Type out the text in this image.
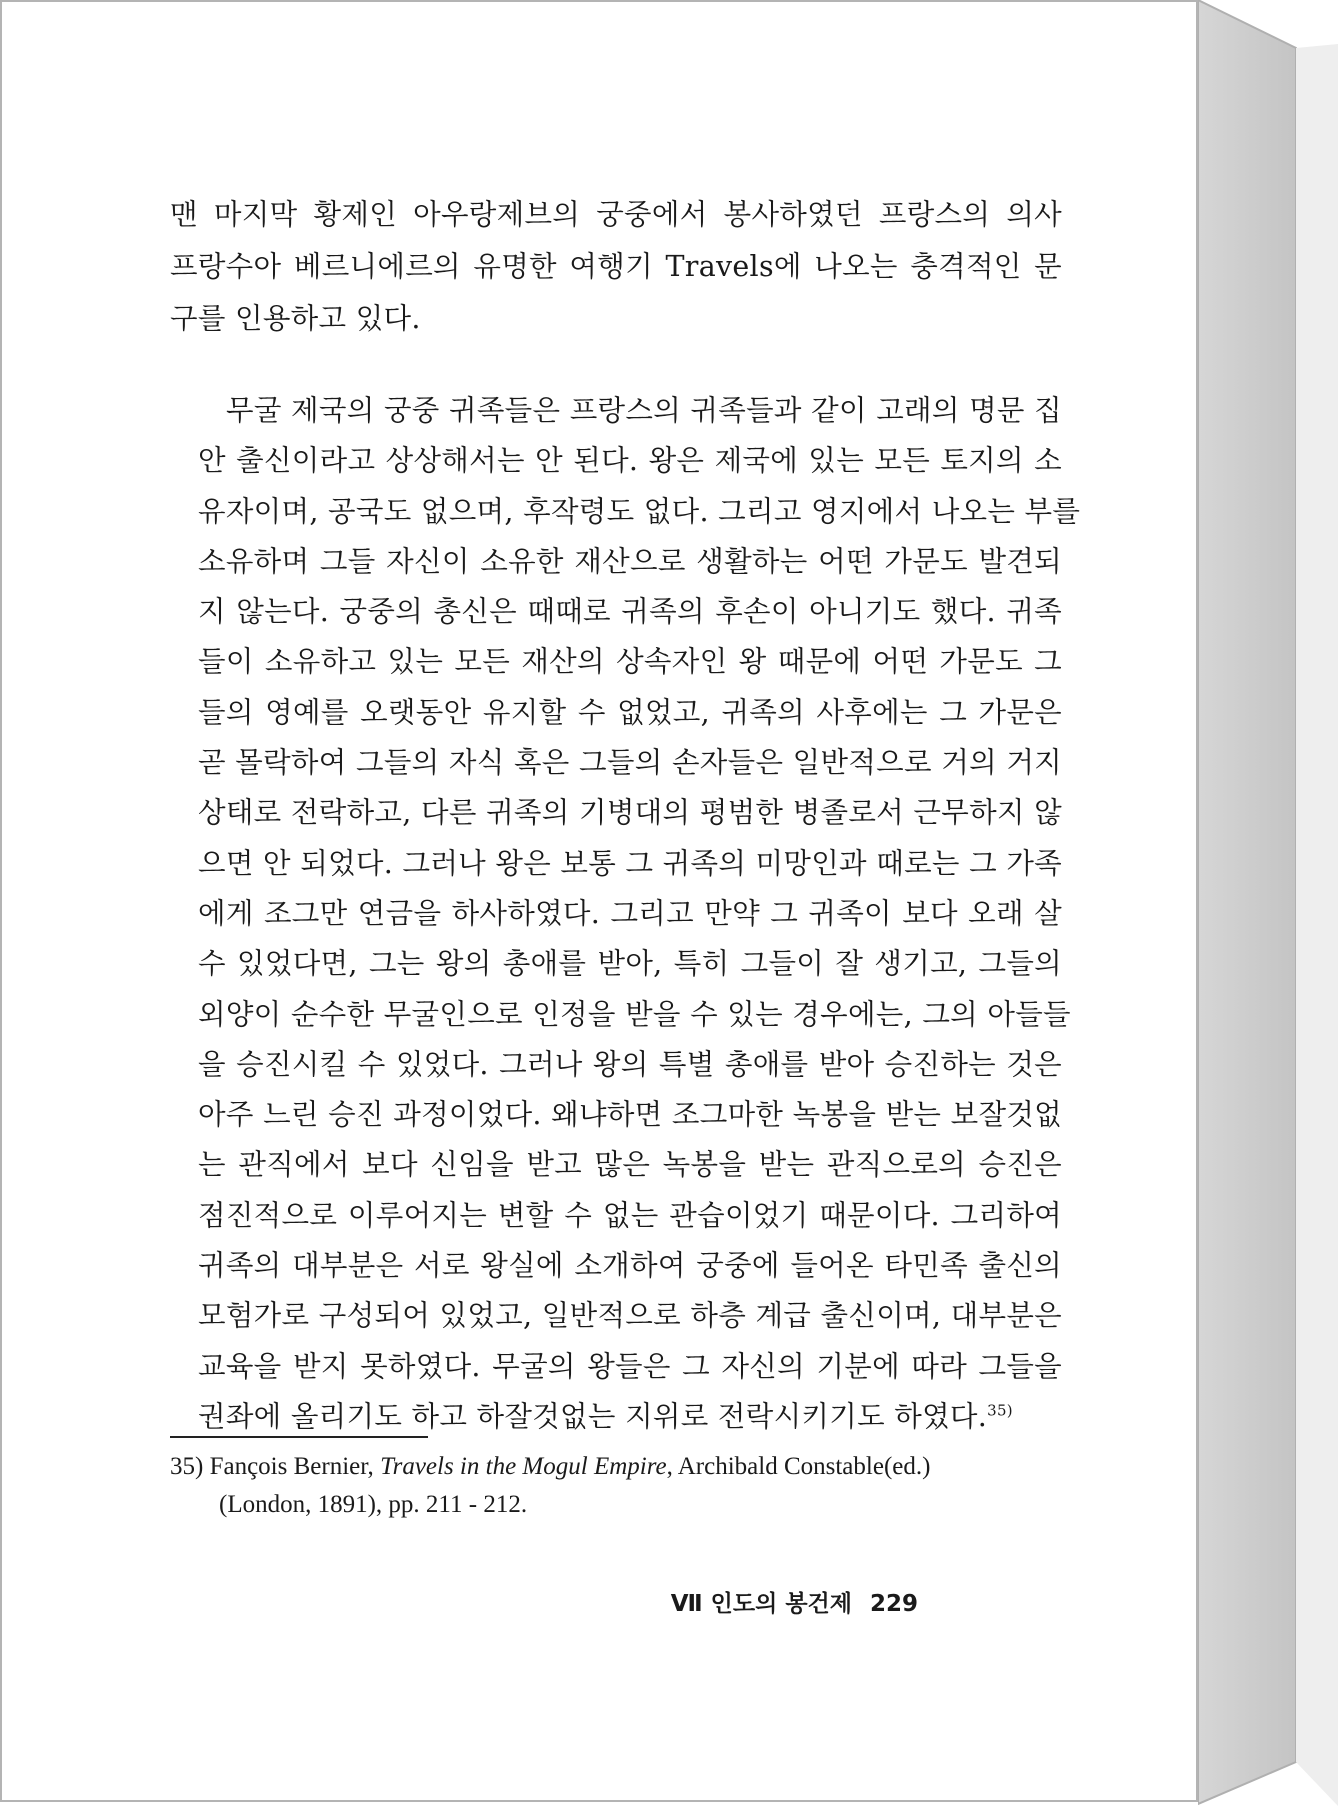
맨 마지막 황제인 아우랑제브의 궁중에서 봉사하였던 프랑스의 의사
프랑수아 베르니에르의 유명한 여행기 Travels에 나오는 충격적인 문
구를 인용하고 있다.
무굴 제국의 궁중 귀족들은 프랑스의 귀족들과 같이 고래의 명문 집
안 출신이라고 상상해서는 안 된다. 왕은 제국에 있는 모든 토지의 소
유자이며, 공국도 없으며, 후작령도 없다. 그리고 영지에서 나오는 부를
소유하며 그들 자신이 소유한 재산으로 생활하는 어떤 가문도 발견되
지 않는다. 궁중의 총신은 때때로 귀족의 후손이 아니기도 했다. 귀족
들이 소유하고 있는 모든 재산의 상속자인 왕 때문에 어떤 가문도 그
들의 영예를 오랫동안 유지할 수 없었고, 귀족의 사후에는 그 가문은
곧 몰락하여 그들의 자식 혹은 그들의 손자들은 일반적으로 거의 거지
상태로 전락하고, 다른 귀족의 기병대의 평범한 병졸로서 근무하지 않
으면 안 되었다. 그러나 왕은 보통 그 귀족의 미망인과 때로는 그 가족
에게 조그만 연금을 하사하였다. 그리고 만약 그 귀족이 보다 오래 살
수 있었다면, 그는 왕의 총애를 받아, 특히 그들이 잘 생기고, 그들의
외양이 순수한 무굴인으로 인정을 받을 수 있는 경우에는, 그의 아들들
을 승진시킬 수 있었다. 그러나 왕의 특별 총애를 받아 승진하는 것은
아주 느린 승진 과정이었다. 왜냐하면 조그마한 녹봉을 받는 보잘것없
는 관직에서 보다 신임을 받고 많은 녹봉을 받는 관직으로의 승진은
점진적으로 이루어지는 변할 수 없는 관습이었기 때문이다. 그리하여
귀족의 대부분은 서로 왕실에 소개하여 궁중에 들어온 타민족 출신의
모험가로 구성되어 있었고, 일반적으로 하층 계급 출신이며, 대부분은
교육을 받지 못하였다. 무굴의 왕들은 그 자신의 기분에 따라 그들을
권좌에 올리기도 하고 하잘것없는 지위로 전락시키기도 하였다.$^{35)}$
35) Fançois Bernier, Travels in the Mogul Empire, Archibald Constable(ed.)
(London, 1891), pp. 211 - 212.
Ⅶ 인도의 봉건제 229
